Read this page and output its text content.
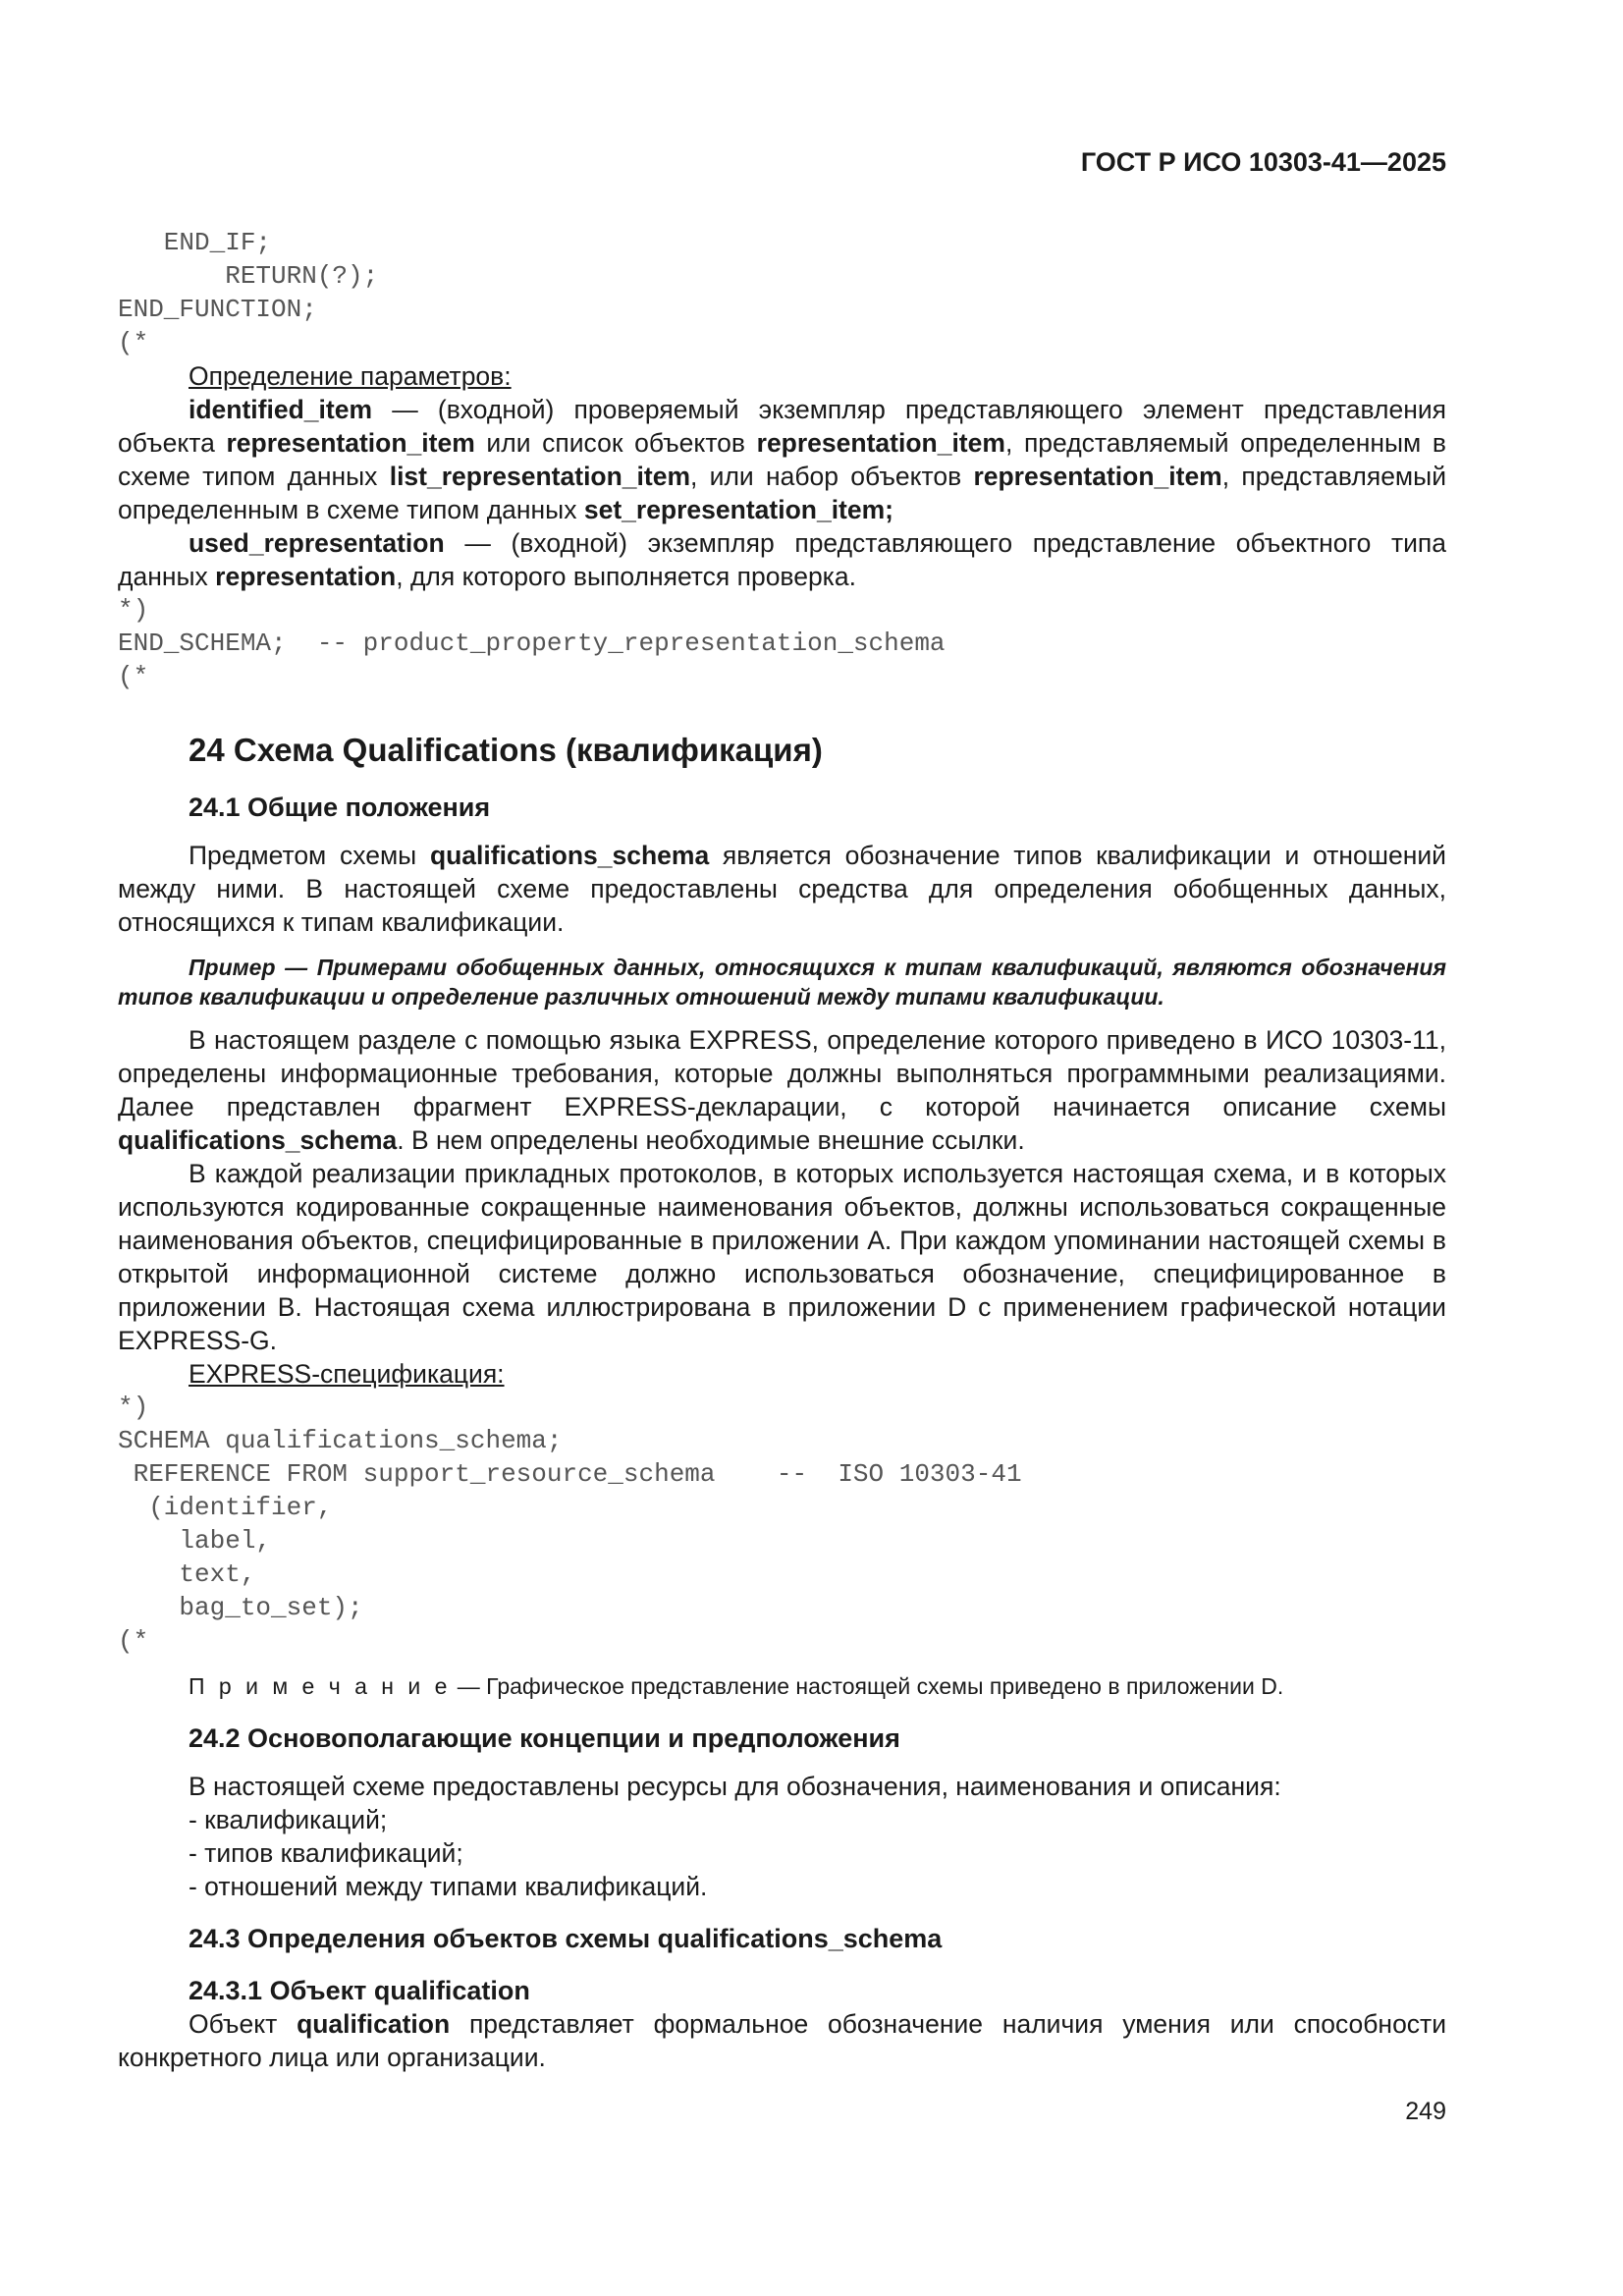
ГОСТ Р ИСО 10303-41—2025
END_IF;
RETURN(?);
END_FUNCTION;
(*
Определение параметров:

identified_item — (входной) проверяемый экземпляр представляющего элемент представления объекта representation_item или список объектов representation_item, представляемый определенным в схеме типом данных list_representation_item, или набор объектов representation_item, представляемый определенным в схеме типом данных set_representation_item;

used_representation — (входной) экземпляр представляющего представление объектного типа данных representation, для которого выполняется проверка.

*)
END_SCHEMA;  -- product_property_representation_schema
(*
24 Схема Qualifications (квалификация)
24.1 Общие положения

Предметом схемы qualifications_schema является обозначение типов квалификации и отношений между ними. В настоящей схеме предоставлены средства для определения обобщенных данных, относящихся к типам квалификации.

Пример — Примерами обобщенных данных, относящихся к типам квалификаций, являются обозначения типов квалификации и определение различных отношений между типами квалификации.

В настоящем разделе с помощью языка EXPRESS, определение которого приведено в ИСО 10303-11, определены информационные требования, которые должны выполняться программными реализациями. Далее представлен фрагмент EXPRESS-декларации, с которой начинается описание схемы qualifications_schema. В нем определены необходимые внешние ссылки.

В каждой реализации прикладных протоколов, в которых используется настоящая схема, и в которых используются кодированные сокращенные наименования объектов, должны использоваться сокращенные наименования объектов, специфицированные в приложении A. При каждом упоминании настоящей схемы в открытой информационной системе должно использоваться обозначение, специфицированное в приложении B. Настоящая схема иллюстрирована в приложении D с применением графической нотации EXPRESS-G.

EXPRESS-спецификация:
*)
SCHEMA qualifications_schema;
REFERENCE FROM support_resource_schema    --  ISO 10303-41
(identifier,
label,
text,
bag_to_set);
(*
П р и м е ч а н и е — Графическое представление настоящей схемы приведено в приложении D.
24.2 Основополагающие концепции и предположения
В настоящей схеме предоставлены ресурсы для обозначения, наименования и описания:
- квалификаций;
- типов квалификаций;
- отношений между типами квалификаций.
24.3 Определения объектов схемы qualifications_schema
24.3.1 Объект qualification

Объект qualification представляет формальное обозначение наличия умения или способности конкретного лица или организации.

249
